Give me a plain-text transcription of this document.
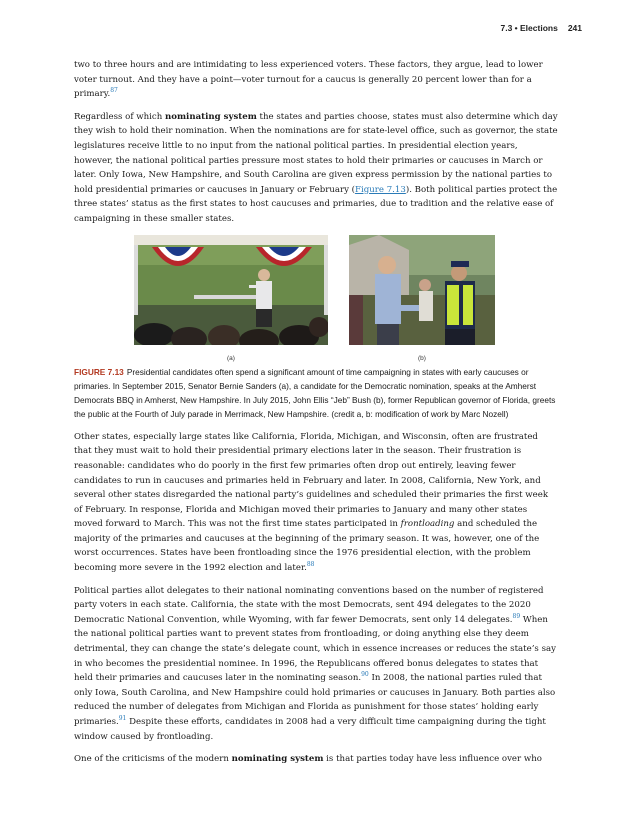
7.3 • Elections 241

two to three hours and are intimidating to less experienced voters. These factors, they argue, lead to lower voter turnout. And they have a point—voter turnout for a caucus is generally 20 percent lower than for a primary.$^{87}$

Regardless of which nominating system the states and parties choose, states must also determine which day they wish to hold their nomination. When the nominations are for state-level office, such as governor, the state legislatures receive little to no input from the national political parties. In presidential election years, however, the national political parties pressure most states to hold their primaries or caucuses in March or later. Only Iowa, New Hampshire, and South Carolina are given express permission by the national parties to hold presidential primaries or caucuses in January or February (Figure 7.13). Both political parties protect the three states’ status as the first states to host caucuses and primaries, due to tradition and the relative ease of campaigning in these smaller states.

(a)	(b)

FIGURE 7.13 Presidential candidates often spend a significant amount of time campaigning in states with early caucuses or primaries. In September 2015, Senator Bernie Sanders (a), a candidate for the Democratic nomination, speaks at the Amherst Democrats BBQ in Amherst, New Hampshire. In July 2015, John Ellis “Jeb” Bush (b), former Republican governor of Florida, greets the public at the Fourth of July parade in Merrimack, New Hampshire. (credit a, b: modification of work by Marc Nozell)

Other states, especially large states like California, Florida, Michigan, and Wisconsin, often are frustrated that they must wait to hold their presidential primary elections later in the season. Their frustration is reasonable: candidates who do poorly in the first few primaries often drop out entirely, leaving fewer candidates to run in caucuses and primaries held in February and later. In 2008, California, New York, and several other states disregarded the national party’s guidelines and scheduled their primaries the first week of February. In response, Florida and Michigan moved their primaries to January and many other states moved forward to March. This was not the first time states participated in frontloading and scheduled the majority of the primaries and caucuses at the beginning of the primary season. It was, however, one of the worst occurrences. States have been frontloading since the 1976 presidential election, with the problem becoming more severe in the 1992 election and later.$^{88}$

Political parties allot delegates to their national nominating conventions based on the number of registered party voters in each state. California, the state with the most Democrats, sent 494 delegates to the 2020 Democratic National Convention, while Wyoming, with far fewer Democrats, sent only 14 delegates.$^{89}$ When the national political parties want to prevent states from frontloading, or doing anything else they deem detrimental, they can change the state’s delegate count, which in essence increases or reduces the state’s say in who becomes the presidential nominee. In 1996, the Republicans offered bonus delegates to states that held their primaries and caucuses later in the nominating season.$^{90}$ In 2008, the national parties ruled that only Iowa, South Carolina, and New Hampshire could hold primaries or caucuses in January. Both parties also reduced the number of delegates from Michigan and Florida as punishment for those states’ holding early primaries.$^{91}$ Despite these efforts, candidates in 2008 had a very difficult time campaigning during the tight window caused by frontloading.

One of the criticisms of the modern nominating system is that parties today have less influence over who
